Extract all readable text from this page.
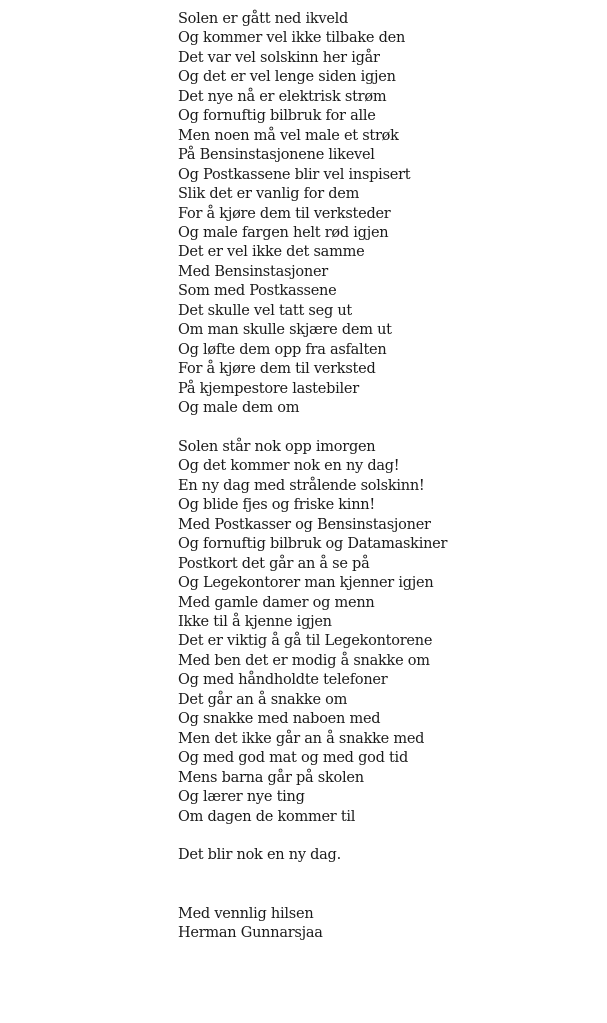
Solen er gått ned ikveld
Og kommer vel ikke tilbake den
Det var vel solskinn her igår
Og det er vel lenge siden igjen
Det nye nå er elektrisk strøm
Og fornuftig bilbruk for alle
Men noen må vel male et strøk
På Bensinstasjonene likevel
Og Postkassene blir vel inspisert
Slik det er vanlig for dem
For å kjøre dem til verksteder
Og male fargen helt rød igjen
Det er vel ikke det samme
Med Bensinstasjoner
Som med Postkassene
Det skulle vel tatt seg ut
Om man skulle skjære dem ut
Og løfte dem opp fra asfalten
For å kjøre dem til verksted
På kjempestore lastebiler
Og male dem om
Solen står nok opp imorgen
Og det kommer nok en ny dag!
En ny dag med strålende solskinn!
Og blide fjes og friske kinn!
Med Postkasser og Bensinstasjoner
Og fornuftig bilbruk og Datamaskiner
Postkort det går an å se på
Og Legekontorer man kjenner igjen
Med gamle damer og menn
Ikke til å kjenne igjen
Det er viktig å gå til Legekontorene
Med ben det er modig å snakke om
Og med håndholdte telefoner
Det går an å snakke om
Og snakke med naboen med
Men det ikke går an å snakke med
Og med god mat og med god tid
Mens barna går på skolen
Og lærer nye ting
Om dagen de kommer til
Det blir nok en ny dag.
Med vennlig hilsen
Herman Gunnarsjaa
